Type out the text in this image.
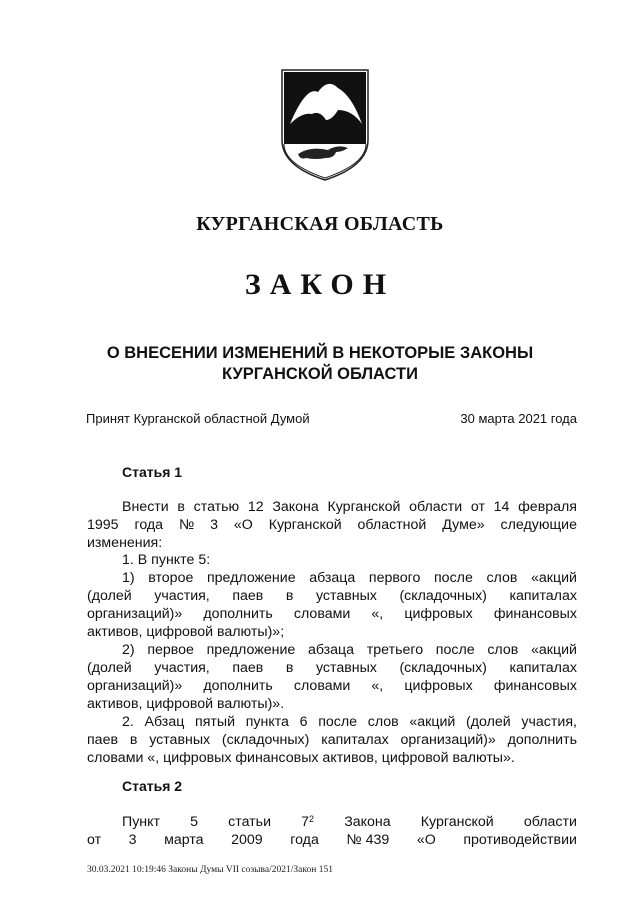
КУРГАНСКАЯ ОБЛАСТЬ
ЗАКОН
О ВНЕСЕНИИ ИЗМЕНЕНИЙ В НЕКОТОРЫЕ ЗАКОНЫ
КУРГАНСКОЙ ОБЛАСТИ
Принят Курганской областной Думой	30 марта 2021 года
Статья 1
Внести в статью 12 Закона Курганской области от 14 февраля
1995 года № 3 «О Курганской областной Думе» следующие
изменения:
1. В пункте 5:
1) второе предложение абзаца первого после слов «акций
(долей участия, паев в уставных (складочных) капиталах
организаций)» дополнить словами «, цифровых финансовых
активов, цифровой валюты)»;
2) первое предложение абзаца третьего после слов «акций
(долей участия, паев в уставных (складочных) капиталах
организаций)» дополнить словами «, цифровых финансовых
активов, цифровой валюты)».
2. Абзац пятый пункта 6 после слов «акций (долей участия,
паев в уставных (складочных) капиталах организаций)» дополнить
словами «, цифровых финансовых активов, цифровой валюты».
Статья 2
Пункт 5 статьи $7^2$ Закона Курганской области
от 3 марта 2009 года № 439 «О противодействии
30.03.2021 10:19:46 Законы Думы VII созыва/2021/Закон 151
